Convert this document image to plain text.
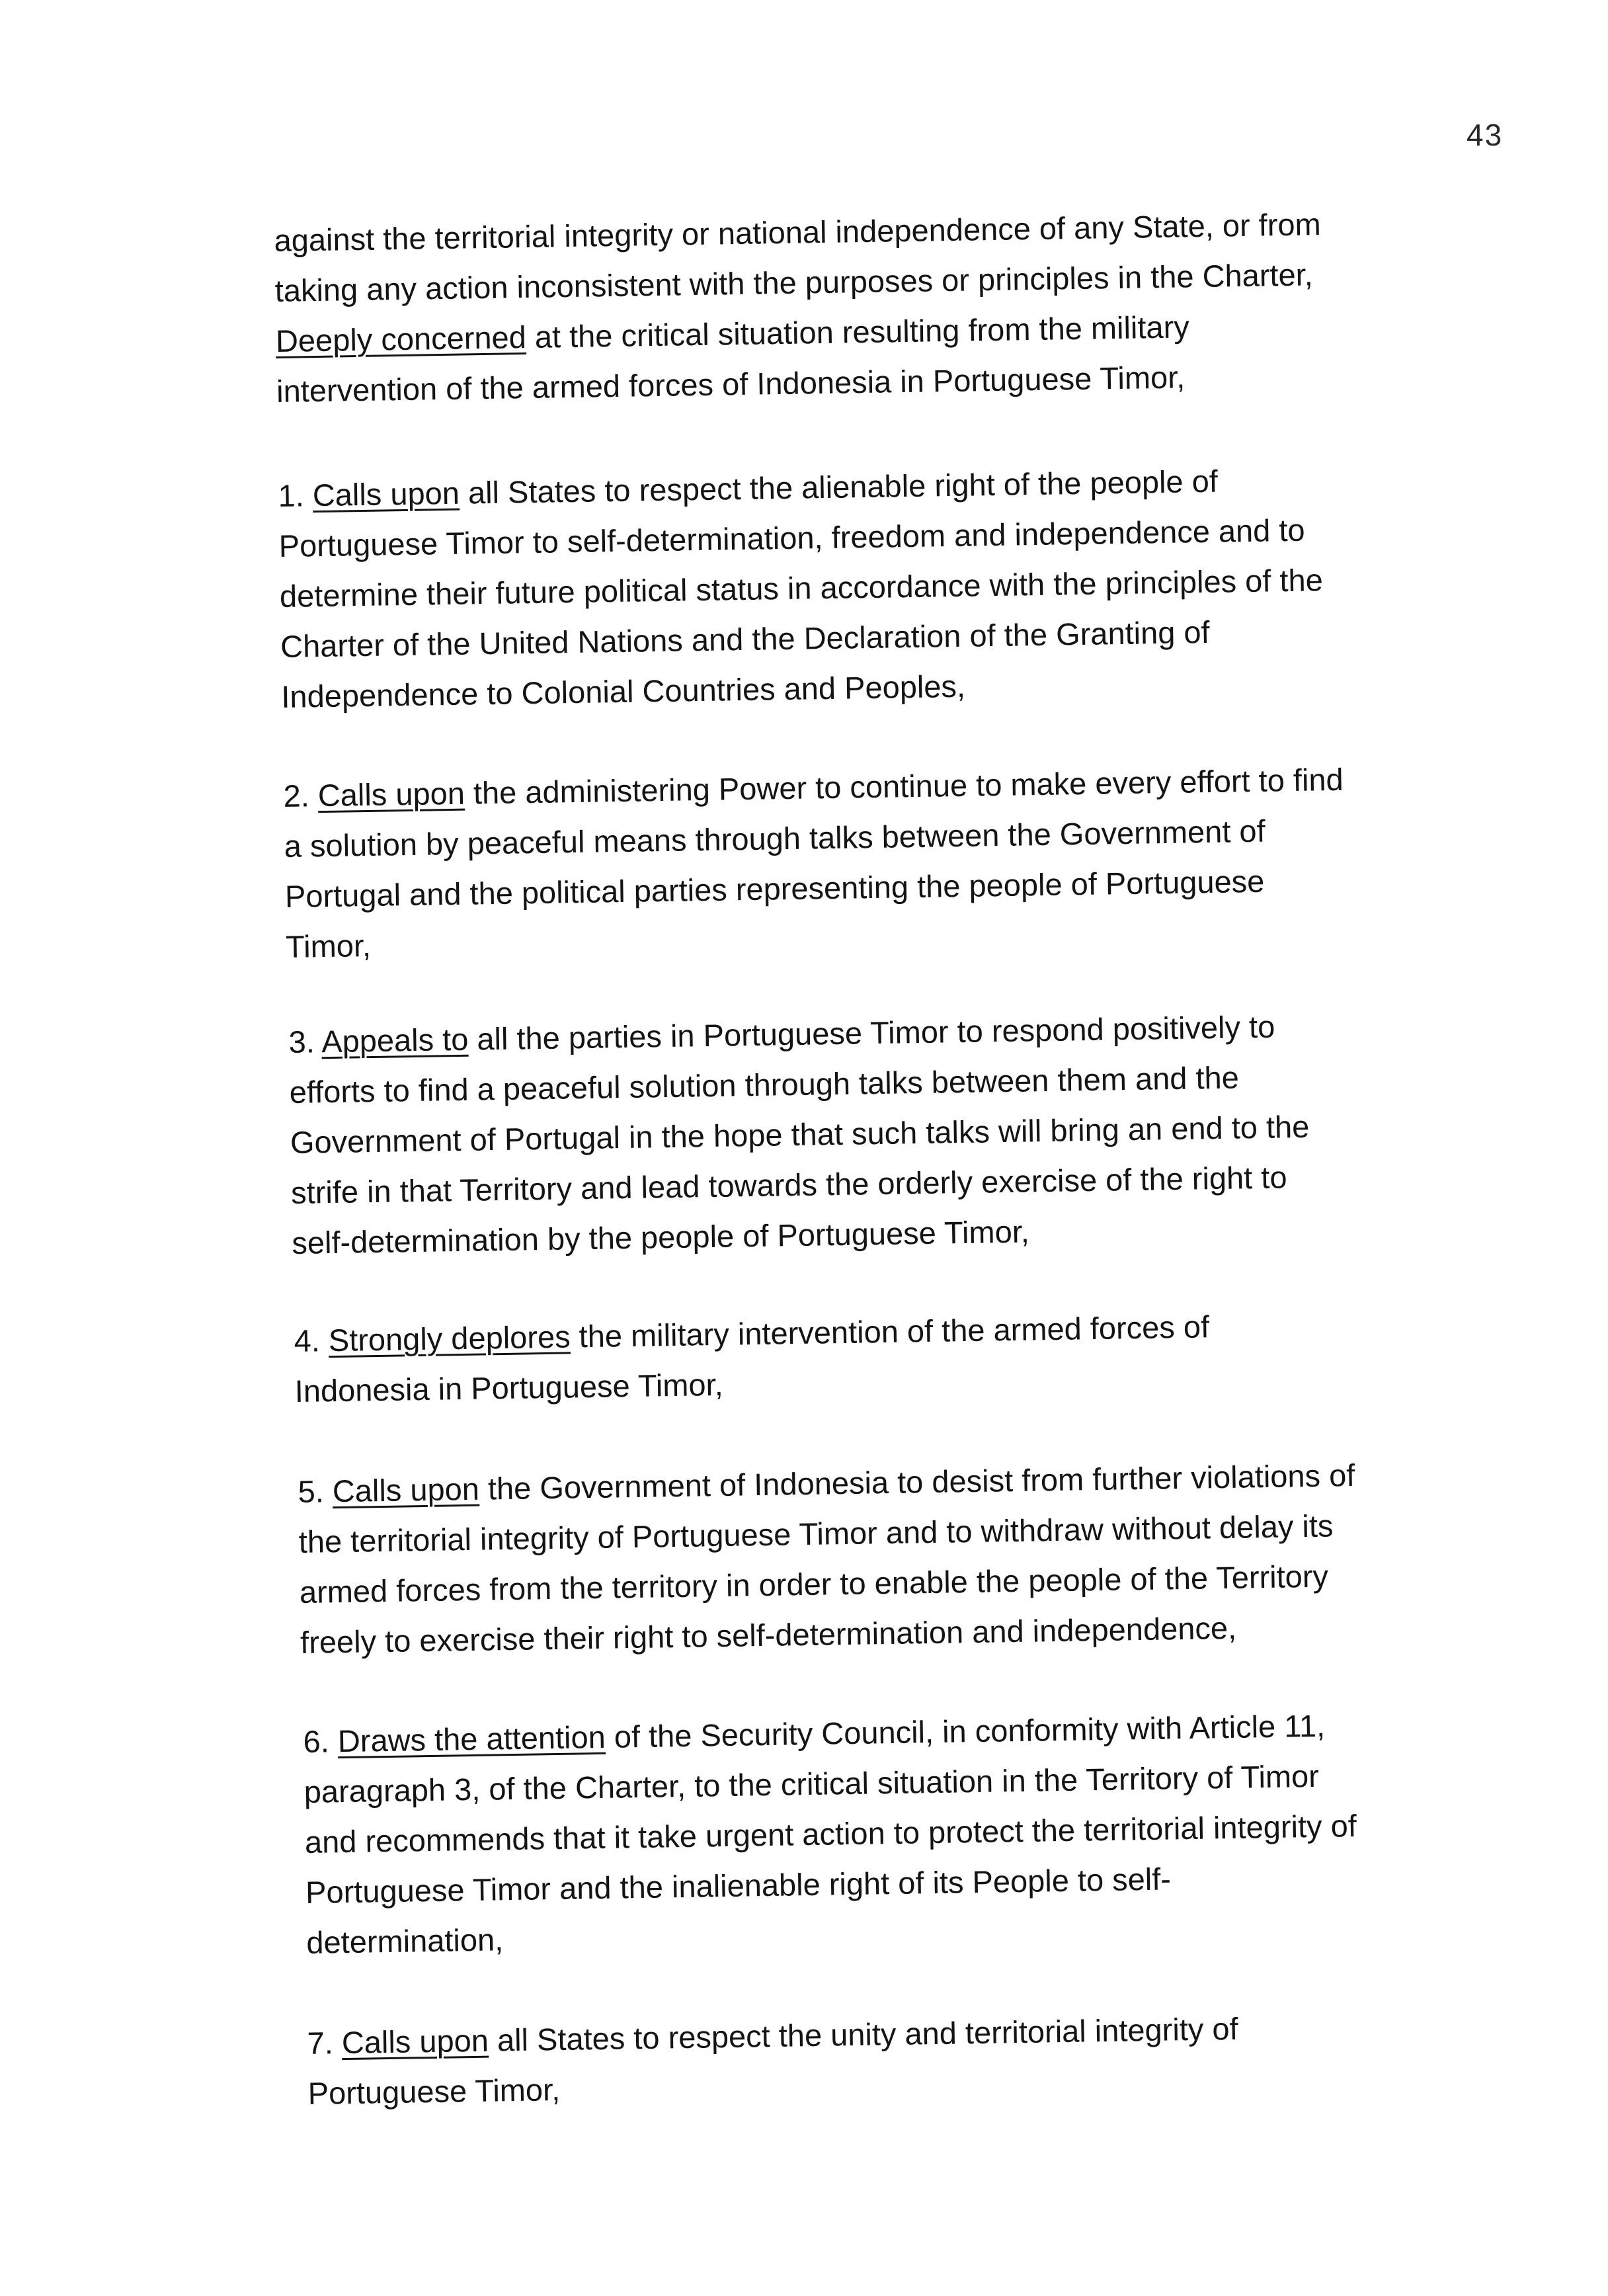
43
against the territorial integrity or national independence of any State, or from
taking any action inconsistent with the purposes or principles in the Charter,
Deeply concerned at the critical situation resulting from the military
intervention of the armed forces of Indonesia in Portuguese Timor,
1. Calls upon all States to respect the alienable right of the people of
Portuguese Timor to self-determination, freedom and independence and to
determine their future political status in accordance with the principles of the
Charter of the United Nations and the Declaration of the Granting of
Independence to Colonial Countries and Peoples,
2. Calls upon the administering Power to continue to make every effort to find
a solution by peaceful means through talks between the Government of
Portugal and the political parties representing the people of Portuguese
Timor,
3. Appeals to all the parties in Portuguese Timor to respond positively to
efforts to find a peaceful solution through talks between them and the
Government of Portugal in the hope that such talks will bring an end to the
strife in that Territory and lead towards the orderly exercise of the right to
self-determination by the people of Portuguese Timor,
4. Strongly deplores the military intervention of the armed forces of
Indonesia in Portuguese Timor,
5. Calls upon the Government of Indonesia to desist from further violations of
the territorial integrity of Portuguese Timor and to withdraw without delay its
armed forces from the territory in order to enable the people of the Territory
freely to exercise their right to self-determination and independence,
6. Draws the attention of the Security Council, in conformity with Article 11,
paragraph 3, of the Charter, to the critical situation in the Territory of Timor
and recommends that it take urgent action to protect the territorial integrity of
Portuguese Timor and the inalienable right of its People to self-
determination,
7. Calls upon all States to respect the unity and territorial integrity of
Portuguese Timor,
